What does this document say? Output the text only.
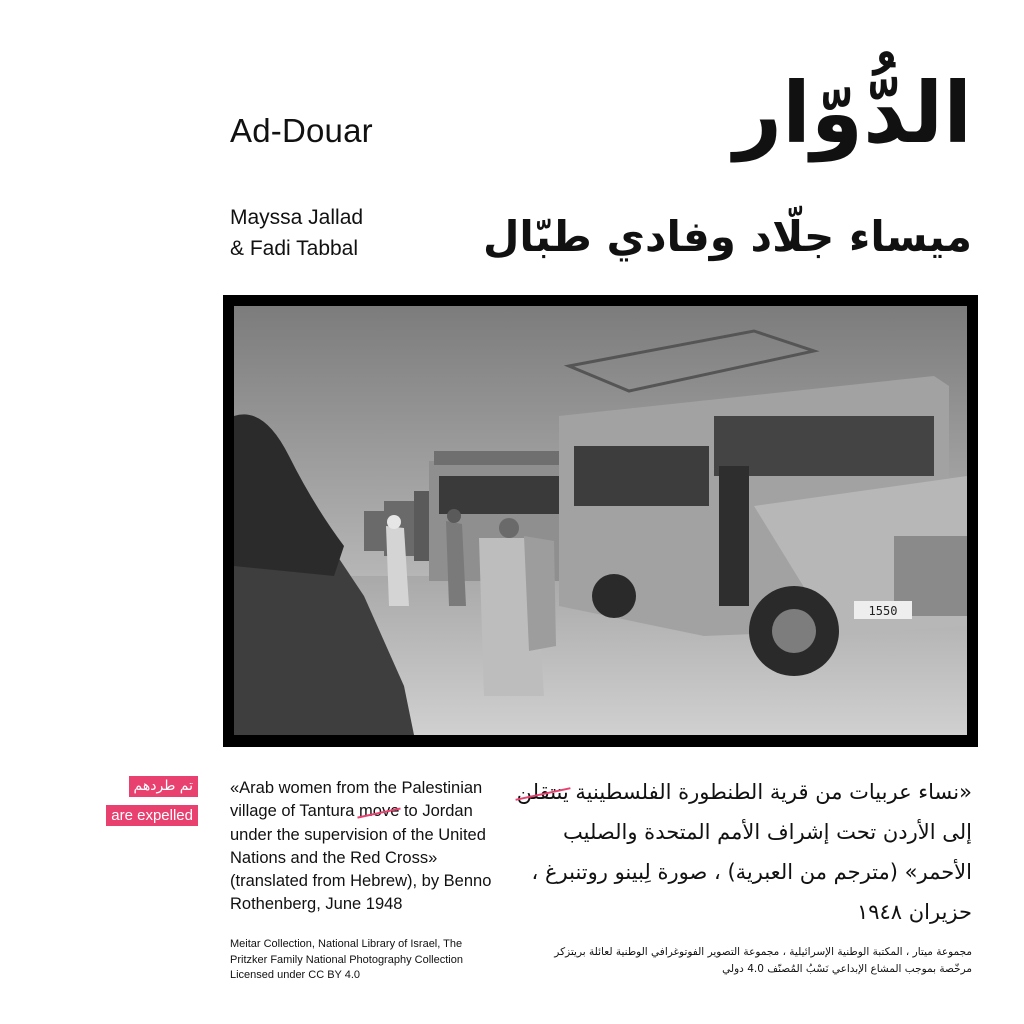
Ad-Douar
Mayssa Jallad
& Fadi Tabbal
الدُّوّار
ميساء جلّاد وفادي طبّال
1550
تم طردهم
are expelled
«Arab women from the Palestinian village of Tantura move to Jordan under the supervision of the United Nations and the Red Cross» (translated from Hebrew), by Benno Rothenberg, June 1948
Meitar Collection, National Library of Israel, The Pritzker Family National Photography Collection Licensed under CC BY 4.0
«نساء عربيات من قرية الطنطورة الفلسطينية ينتقلن
إلى الأردن تحت إشراف الأمم المتحدة والصليب
الأحمر» (مترجم من العبرية) ، صورة لِبينو روتنبرغ ،
حزيران ١٩٤٨
مجموعة ميتار ، المكتبة الوطنية الإسرائيلية ، مجموعة التصوير الفوتوغرافي الوطنية لعائلة بريتزكر
مرخّصة بموجب المشاع الإبداعي نَسْبُ المُصنّف 4.0 دولي
